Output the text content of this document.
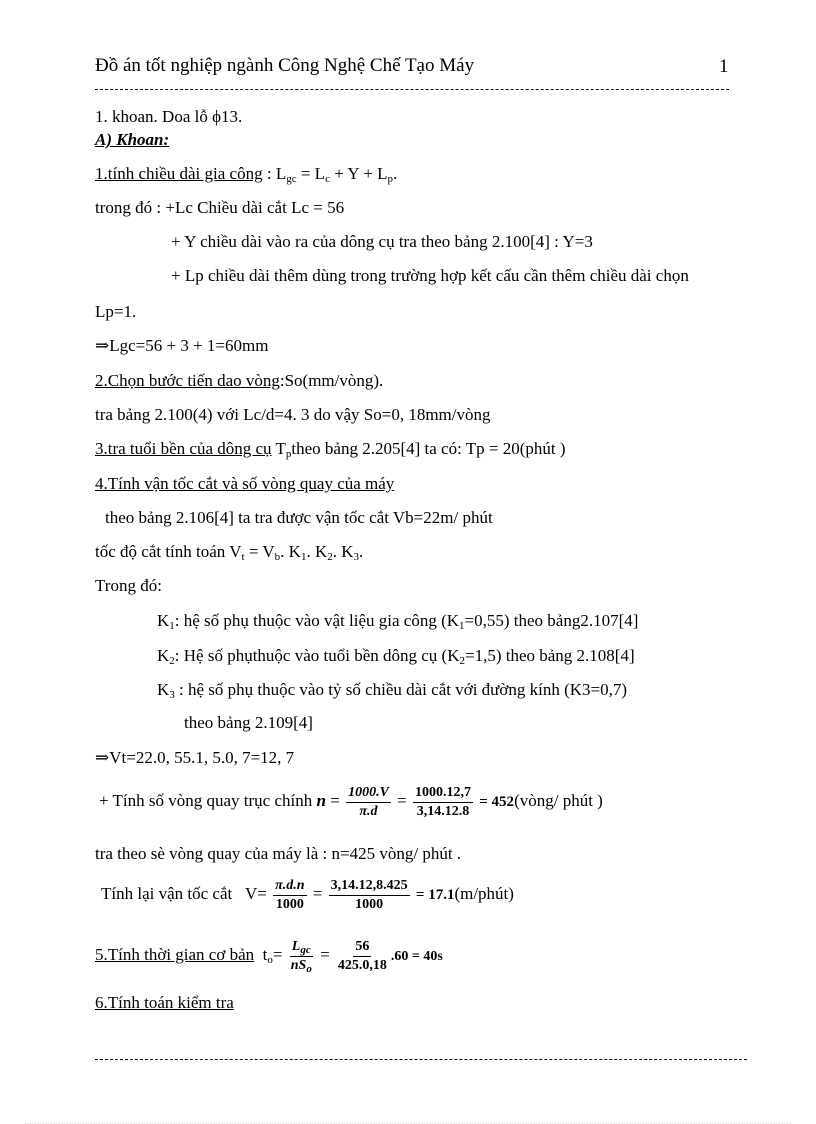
Đồ án tốt nghiệp ngành Công Nghệ Chế Tạo Máy	1
1. khoan. Doa lỗ ϕ13.
A) Khoan:
1.tính chiều dài gia công : $L_{gc} = L_c + Y + L_p$.
trong đó : +Lc Chiều dài cắt Lc = 56
+ Y chiều dài vào ra của dông cụ tra theo bảng 2.100[4] : Y=3
+ Lp chiều dài thêm dùng trong trường hợp kết cấu cần thêm chiều dài chọn
Lp=1.
⇒Lgc=56 + 3 + 1=60mm
2.Chọn bước tiến dao vòng:So(mm/vòng).
tra bảng 2.100(4) với Lc/d=4. 3 do vậy So=0, 18mm/vòng
3.tra tuổi bền của dông cụ $T_ptheo$ bảng 2.205[4] ta có: Tp = 20(phút )
4.Tính vận tốc cắt và số vòng quay của máy
theo bảng 2.106[4] ta tra được vận tốc cắt Vb=22m/ phút
tốc độ cắt tính toán $V_t = V_b$. $K_1$. $K_2$. $K_3$.
Trong đó:
$K_1$: hệ số phụ thuộc vào vật liệu gia công $(K_1=0,55)$ theo bảng2.107[4]
$K_2$: Hệ số phụthuộc vào tuổi bền dông cụ $(K_2=1,5)$ theo bảng 2.108[4]
$K_3$ : hệ số phụ thuộc vào tỷ số chiều dài cắt với đường kính (K3=0,7)
theo bảng 2.109[4]
⇒Vt=22.0, 55.1, 5.0, 7=12, 7
+ Tính số vòng quay trục chính $n = \frac{1000.V}{\pi.d} = \frac{1000.12,7}{3,14.12.8}$ = 452(vòng/ phút )
tra theo sè vòng quay của máy là : n=425 vòng/ phút .
Tính lại vận tốc cắt   $V= \frac{\pi.d.n}{1000} = \frac{3,14.12,8.425}{1000}$ = 17.1(m/phút)
5.Tính thời gian cơ bản  $t_o= \frac{L_{gc}}{nS_o} = \frac{56}{425.0,18} .60 = 40s$
6.Tính toán kiểm tra
